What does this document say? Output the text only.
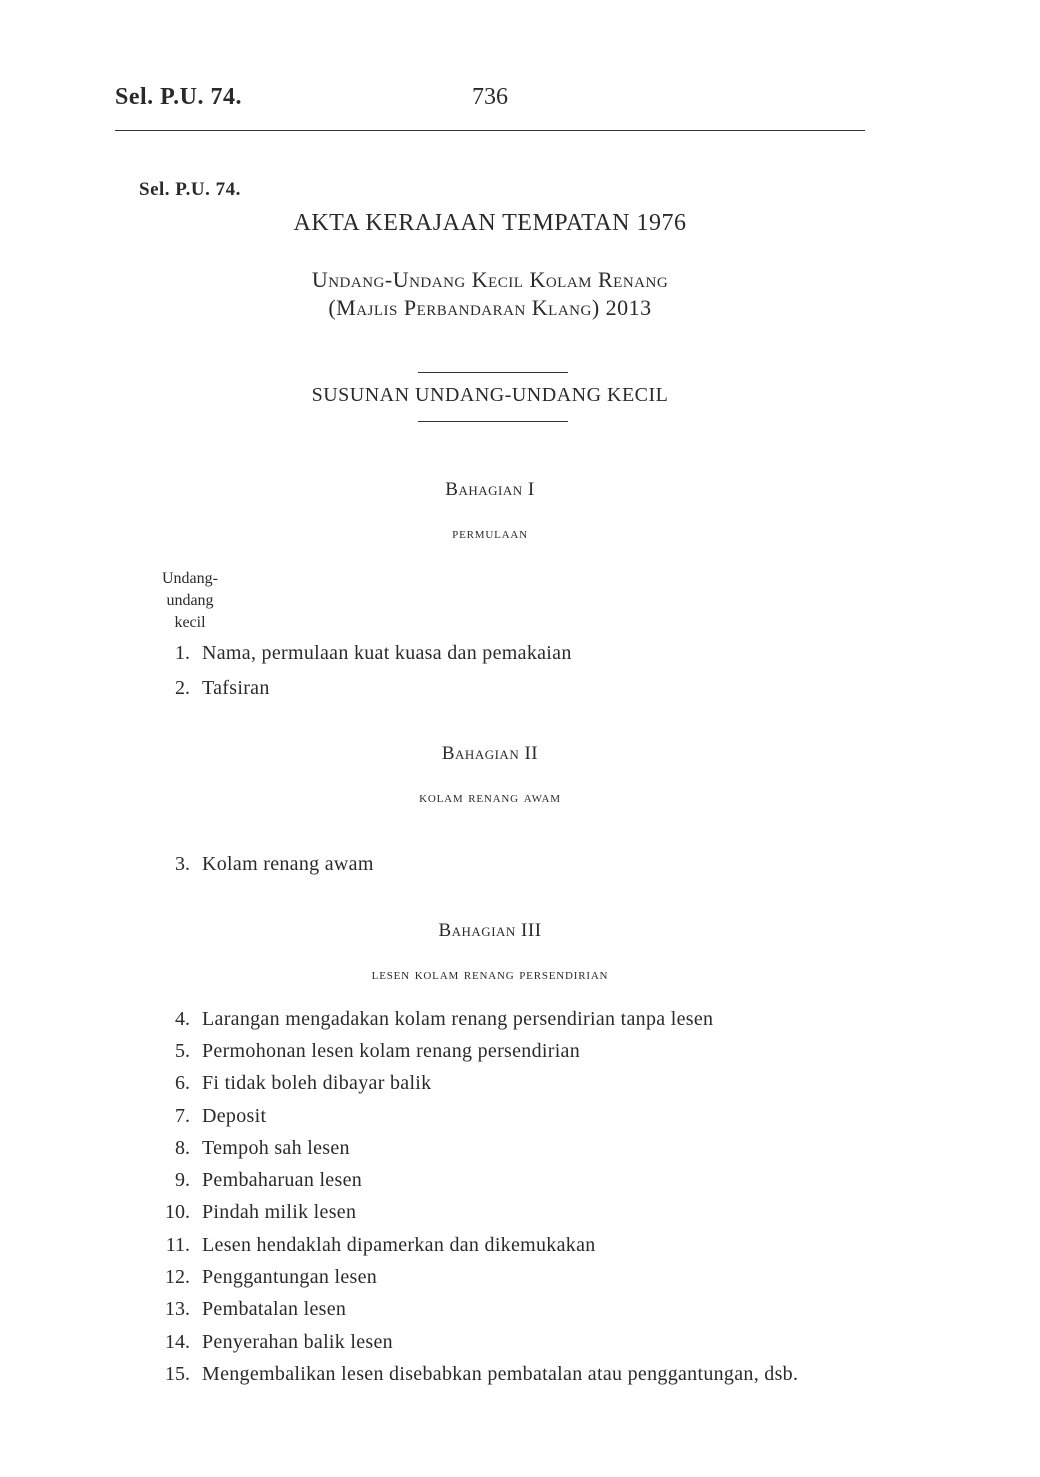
Sel. P.U. 74.	736
Sel. P.U. 74.
AKTA KERAJAAN TEMPATAN 1976
Undang-Undang Kecil Kolam Renang
(Majlis Perbandaran Klang) 2013
SUSUNAN UNDANG-UNDANG KECIL
Bahagian I
permulaan
Undang- undang kecil
1. Nama, permulaan kuat kuasa dan pemakaian
2. Tafsiran
Bahagian II
kolam renang awam
3. Kolam renang awam
Bahagian III
lesen kolam renang persendirian
4. Larangan mengadakan kolam renang persendirian tanpa lesen
5. Permohonan lesen kolam renang persendirian
6. Fi tidak boleh dibayar balik
7. Deposit
8. Tempoh sah lesen
9. Pembaharuan lesen
10. Pindah milik lesen
11. Lesen hendaklah dipamerkan dan dikemukakan
12. Penggantungan lesen
13. Pembatalan lesen
14. Penyerahan balik lesen
15. Mengembalikan lesen disebabkan pembatalan atau penggantungan, dsb.
